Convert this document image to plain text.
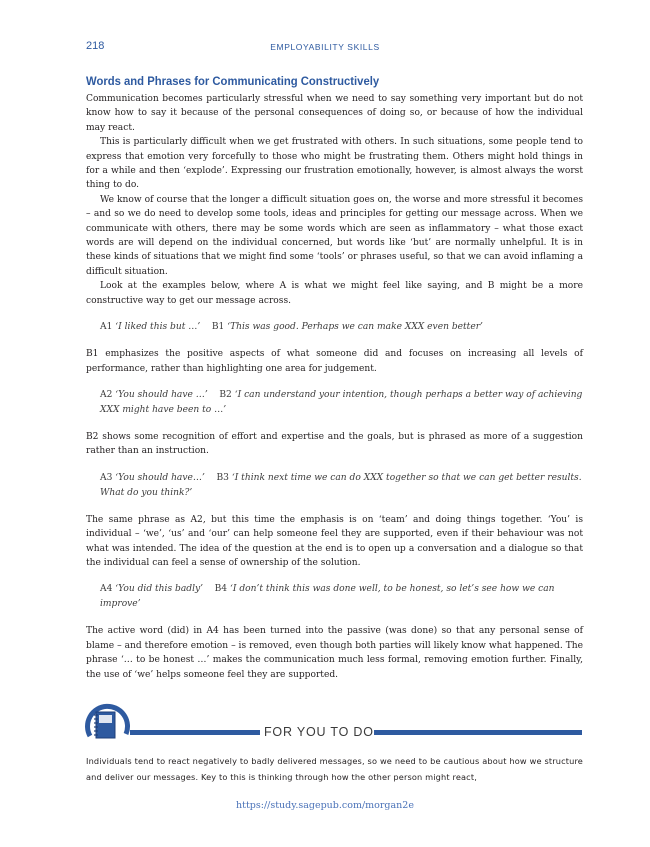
218	EMPLOYABILITY SKILLS
Words and Phrases for Communicating Constructively

Communication becomes particularly stressful when we need to say something very important but do not know how to say it because of the personal consequences of doing so, or because of how the individual may react.

This is particularly difficult when we get frustrated with others. In such situations, some people tend to express that emotion very forcefully to those who might be frustrating them. Others might hold things in for a while and then ‘explode’. Expressing our frustration emotionally, however, is almost always the worst thing to do.

We know of course that the longer a difficult situation goes on, the worse and more stressful it becomes – and so we do need to develop some tools, ideas and principles for getting our message across. When we communicate with others, there may be some words which are seen as inflammatory – what those exact words are will depend on the individual concerned, but words like ‘but’ are normally unhelpful. It is in these kinds of situations that we might find some ‘tools’ or phrases useful, so that we can avoid inflaming a difficult situation.

Look at the examples below, where A is what we might feel like saying, and B might be a more constructive way to get our message across.

A1 ‘I liked this but …’ B1 ‘This was good. Perhaps we can make XXX even better’

B1 emphasizes the positive aspects of what someone did and focuses on increasing all levels of performance, rather than highlighting one area for judgement.

A2 ‘You should have …’ B2 ‘I can understand your intention, though perhaps a better way of achieving XXX might have been to …’

B2 shows some recognition of effort and expertise and the goals, but is phrased as more of a suggestion rather than an instruction.

A3 ‘You should have…’ B3 ‘I think next time we can do XXX together so that we can get better results. What do you think?’

The same phrase as A2, but this time the emphasis is on ‘team’ and doing things together. ‘You’ is individual – ‘we’, ‘us’ and ‘our’ can help someone feel they are supported, even if their behaviour was not what was intended. The idea of the question at the end is to open up a conversation and a dialogue so that the individual can feel a sense of ownership of the solution.

A4 ‘You did this badly’ B4 ‘I don’t think this was done well, to be honest, so let’s see how we can improve’

The active word (did) in A4 has been turned into the passive (was done) so that any personal sense of blame – and therefore emotion – is removed, even though both parties will likely know what happened. The phrase ‘… to be honest …’ makes the communication much less formal, removing emotion further. Finally, the use of ‘we’ helps someone feel they are supported.

FOR YOU TO DO

Individuals tend to react negatively to badly delivered messages, so we need to be cautious about how we structure and deliver our messages. Key to this is thinking through how the other person might react,

https://study.sagepub.com/morgan2e
